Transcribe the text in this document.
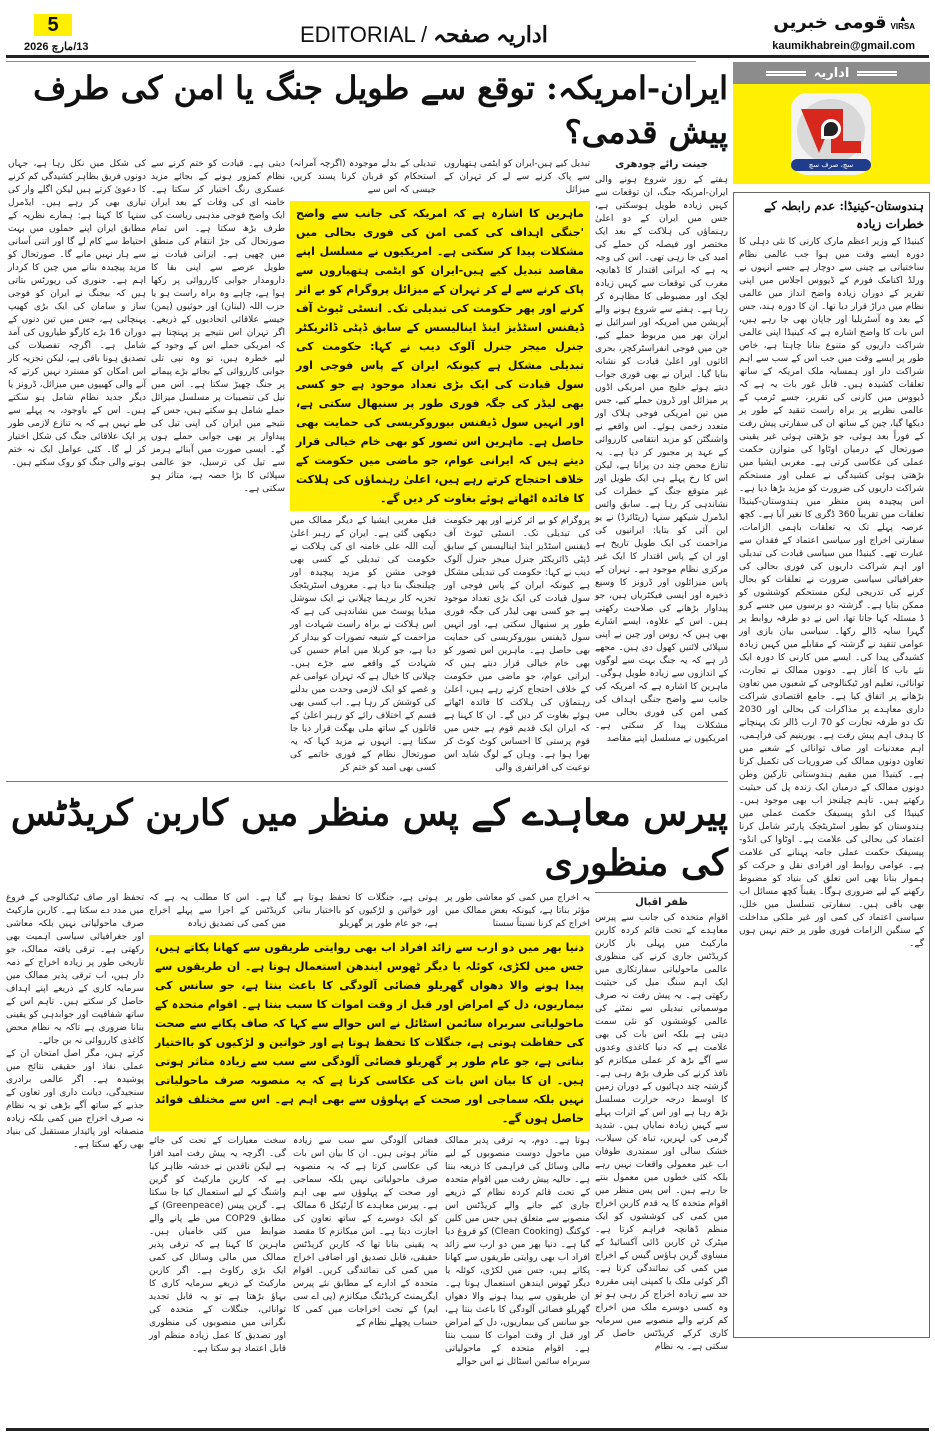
5
13/مارچ 2026	EDITORIAL / اداریہ صفحہ	قومی خبریں ▲
VIRSA
kaumikhabrein@gmail.com
ایران-امریکہ: توقع سے طویل جنگ یا امن کی طرف پیش قدمی؟
جینت رائے چودھری
ہفتے کے روز شروع ہونے والی ایران-امریکہ جنگ، ان توقعات سے کہیں زیادہ طویل ہوسکتی ہے، جس میں ایران کے دو اعلیٰ رہنماؤں کی ہلاکت کے بعد ایک مختصر اور فیصلہ کن حملے کی امید کی جا رہی تھی۔ اس کی وجہ یہ ہے کہ ایرانی اقتدار کا ڈھانچہ مغرب کی توقعات سے کہیں زیادہ لچک اور مضبوطی کا مظاہرہ کر رہا ہے۔ ہفتے سے شروع ہونے والے آپریشن میں امریکہ اور اسرائیل نے ایران بھر میں مربوط حملے کیے، جن میں فوجی انفراسٹرکچر، بحری اثاثوں اور اعلیٰ قیادت کو نشانہ بنایا گیا۔ ایران نے بھی فوری جواب دیتے ہوئے خلیج میں امریکی اڈوں پر میزائل اور ڈرون حملے کیے، جس میں تین امریکی فوجی ہلاک اور متعدد زخمی ہوئے۔ اس واقعے نے واشنگٹن کو مزید انتقامی کارروائی کے عہد پر مجبور کر دیا ہے۔ یہ تنازع محض چند دن پرانا ہے، لیکن اس کا رخ پہلے ہی ایک طویل اور غیر متوقع جنگ کے خطرات کی نشاندہی کر رہا ہے۔ سابق وائس ایڈمرل شیکھر سنہا (ریٹائرڈ) نے یو این آئی کو بتایا: ایرانیوں کی مزاحمت کی ایک طویل تاریخ ہے اور ان کے پاس اقتدار کا ایک غیر مرکزی نظام موجود ہے۔ تہران کے پاس میزائلوں اور ڈرونز کا وسیع ذخیرہ اور ایسی فیکٹریاں ہیں، جو پیداوار بڑھانے کی صلاحیت رکھتی ہیں۔ اس کے علاوہ، ایسے اشارے بھی ہیں کہ روس اور چین نے اپنی سپلائی لائنیں کھول دی ہیں۔ مجھے ڈر ہے کہ یہ جنگ بہت سے لوگوں کے اندازوں سے زیادہ طویل ہوگی۔ ماہرین کا اشارہ ہے کہ امریکہ کی جانب سے واضح جنگی اہداف کی کمی امن کی فوری بحالی میں مشکلات پیدا کر سکتی ہے۔ امریکیوں نے مسلسل اپنے مقاصد
تبدیل کیے ہیں-ایران کو ایٹمی ہتھیاروں سے پاک کرنے سے لے کر تہران کے میزائل
تبدیلی کے بدلے موجودہ (اگرچہ آمرانہ) استحکام کو قربان کرنا پسند کریں، جیسی کہ اس سے
ماہرین کا اشارہ ہے کہ امریکہ کی جانب سے واضح 'جنگی اہداف کی کمی امن کی فوری بحالی میں مشکلات پیدا کر سکتی ہے۔ امریکیوں نے مسلسل اپنے مقاصد تبدیل کیے ہیں-ایران کو ایٹمی ہتھیاروں سے پاک کرنے سے لے کر تہران کے میزائل پروگرام کو بے اثر کرنے اور پھر حکومت کی تبدیلی تک۔ انسٹی ٹیوٹ آف ڈیفنس اسٹڈیز اینڈ اینالیسس کے سابق ڈپٹی ڈائریکٹر جنرل میجر جنرل آلوک دیب نے کہا: حکومت کی تبدیلی مشکل ہے کیونکہ ایران کے پاس فوجی اور سول قیادت کی ایک بڑی تعداد موجود ہے جو کسی بھی لیڈر کی جگہ فوری طور پر سنبھال سکتی ہے، اور انہیں سول ڈیفنس بیوروکریسی کی حمایت بھی حاصل ہے۔ ماہرین اس تصور کو بھی خام خیالی قرار دیتے ہیں کہ ایرانی عوام، جو ماضی میں حکومت کے خلاف احتجاج کرتے رہے ہیں، اعلیٰ رہنماؤں کی ہلاکت کا فائدہ اٹھاتے ہوئے بغاوت کر دیں گے۔
پروگرام کو بے اثر کرنے اور پھر حکومت کی تبدیلی تک۔ انسٹی ٹیوٹ آف ڈیفنس اسٹڈیز اینڈ اینالیسس کے سابق ڈپٹی ڈائریکٹر جنرل میجر جنرل آلوک دیب نے کہا: حکومت کی تبدیلی مشکل ہے کیونکہ ایران کے پاس فوجی اور سول قیادت کی ایک بڑی تعداد موجود ہے جو کسی بھی لیڈر کی جگہ فوری طور پر سنبھال سکتی ہے، اور انہیں سول ڈیفنس بیوروکریسی کی حمایت بھی حاصل ہے۔ ماہرین اس تصور کو بھی خام خیالی قرار دیتے ہیں کہ ایرانی عوام، جو ماضی میں حکومت کے خلاف احتجاج کرتے رہے ہیں، اعلیٰ رہنماؤں کی ہلاکت کا فائدہ اٹھاتے ہوئے بغاوت کر دیں گے۔ ان کا کہنا ہے کہ ایران ایک قدیم قوم ہے جس میں قوم پرستی کا احساس کوٹ کوٹ کر بھرا ہوا ہے۔ وہاں کے لوگ شاید اس نوعیت کی افراتفری والی
قبل مغربی ایشیا کے دیگر ممالک میں دیکھی گئی ہے۔ ایران کے رہبر اعلیٰ آیت اللہ علی خامنہ ای کی ہلاکت نے حکومت کی تبدیلی کے کسی بھی فوجی مشن کو مزید پیچیدہ اور چیلنجنگ بنا دیا ہے۔ معروف اسٹریٹجک تجزیہ کار برہما چیلانی نے ایک سوشل میڈیا پوسٹ میں نشاندہی کی ہے کہ اس ہلاکت نے براہ راست شہادت اور مزاحمت کے شیعہ تصورات کو بیدار کر دیا ہے، جو کربلا میں امام حسین کی شہادت کے واقعے سے جڑے ہیں۔ چیلانی کا خیال ہے کہ تہران عوامی غم و غصے کو ایک لازمی وحدت میں بدلنے کی کوشش کر رہا ہے۔ اب کسی بھی قسم کے اختلاف رائے کو رہبر اعلیٰ کے قاتلوں کے ساتھ ملی بھگت قرار دیا جا سکتا ہے۔ انہوں نے مزید کہا کہ یہ صورتحال نظام کے فوری خاتمے کی کسی بھی امید کو ختم کر
دیتی ہے۔ قیادت کو ختم کرنے سے نظام کمزور ہونے کے بجائے مزید عسکری رنگ اختیار کر سکتا ہے۔ خامنہ ای کی وفات کے بعد ایران ایک واضح فوجی مذہبی ریاست کی طرف بڑھ سکتا ہے۔ اس تمام صورتحال کی جڑ انتقام کی منطق میں چھپی ہے۔ ایرانی قیادت نے طویل عرصے سے اپنی بقا کا دارومدار جوابی کارروائی پر رکھا ہوا ہے، چاہے وہ براہ راست ہو یا حزب اللہ (لبنان) اور حوثیوں (یمن) جیسے علاقائی اتحادیوں کے ذریعے۔ اگر تہران اس نتیجے پر پہنچتا ہے کہ امریکی حملے اس کے وجود کے لیے خطرہ ہیں، تو وہ نپی تلی جوابی کارروائی کے بجائے بڑے پیمانے پر جنگ چھیڑ سکتا ہے۔ اس میں تیل کی تنصیبات پر مسلسل میزائل حملے شامل ہو سکتے ہیں، جس کے نتیجے میں ایران کی اپنی تیل کی پیداوار پر بھی جوابی حملے ہوں گے۔ ایسی صورت میں آبنائے ہرمز سے تیل کی ترسیل، جو عالمی سپلائی کا بڑا حصہ ہے، متاثر ہو سکتی ہے۔
کی شکل میں نکل رہا ہے، جہاں دونوں فریق بظاہر کشیدگی کم کرنے کا دعویٰ کرتے ہیں لیکن اگلے وار کی تیاری بھی کر رہے ہیں۔ ایڈمرل سنہا کا کہنا ہے: ہمارے نظریہ کے مطابق ایران اپنے حملوں میں بہت احتیاط سے کام لے گا اور اتنی آسانی سے ہار نہیں مانے گا۔ صورتحال کو مزید پیچیدہ بنانے میں چین کا کردار اہم ہے۔ جنوری کی رپورٹس بتاتی ہیں کہ بیجنگ نے ایران کو فوجی ساز و سامان کی ایک بڑی کھیپ پہنچائی ہے، جس میں تین دنوں کے دوران 16 بڑے کارگو طیاروں کی آمد شامل ہے۔ اگرچہ تفصیلات کی تصدیق ہونا باقی ہے، لیکن تجزیہ کار اس امکان کو مسترد نہیں کرتے کہ آنے والی کھیپوں میں میزائل، ڈرونز یا دیگر جدید نظام شامل ہو سکتے ہیں۔ اس کے باوجود، یہ پہلے سے طے نہیں ہے کہ یہ تنازع لازمی طور پر ایک علاقائی جنگ کی شکل اختیار کر لے گا۔ کئی عوامل ایک نہ ختم ہونے والی جنگ کو روک سکتے ہیں۔
پیرس معاہدے کے پس منظر میں کاربن کریڈٹس کی منظوری
ظفر اقبال
اقوام متحدہ کی جانب سے پیرس معاہدے کے تحت قائم کردہ کاربن مارکیٹ میں پہلی بار کاربن کریڈٹس جاری کرنے کی منظوری عالمی ماحولیاتی سفارتکاری میں ایک اہم سنگ میل کی حیثیت رکھتی ہے۔ یہ پیش رفت نہ صرف موسمیاتی تبدیلی سے نمٹنے کی عالمی کوششوں کو نئی سمت دیتی ہے بلکہ اس بات کی بھی علامت ہے کہ دنیا کاغذی وعدوں سے آگے بڑھ کر عملی میکانزم کو نافذ کرنے کی طرف بڑھ رہی ہے۔ گزشتہ چند دہائیوں کے دوران زمین کا اوسط درجہ حرارت مسلسل بڑھ رہا ہے اور اس کے اثرات پہلے سے کہیں زیادہ نمایاں ہیں۔ شدید گرمی کی لہریں، تباہ کن سیلاب، خشک سالی اور سمندری طوفان اب غیر معمولی واقعات نہیں رہے بلکہ کئی خطوں میں معمول بنتے جا رہے ہیں۔ اس پس منظر میں اقوام متحدہ کا یہ قدم کاربن اخراج میں کمی کی کوششوں کو ایک منظم ڈھانچہ فراہم کرتا ہے۔ میٹرک ٹن کاربن ڈائی آکسائیڈ کے مساوی گرین ہاؤس گیس کے اخراج میں کمی کی نمائندگی کرتا ہے۔ اگر کوئی ملک یا کمپنی اپنی مقررہ حد سے زیادہ اخراج کر رہی ہو تو وہ کسی دوسرے ملک میں اخراج کم کرنے والے منصوبے میں سرمایہ کاری کرکے کریڈٹس حاصل کر سکتی ہے۔ یہ نظام
یہ اخراج میں کمی کو معاشی طور پر مؤثر بناتا ہے، کیونکہ بعض ممالک میں اخراج کم کرنا نسبتاً سستا
ہوتی ہے، جنگلات کا تحفظ ہوتا ہے اور خواتین و لڑکیوں کو بااختیار بناتی ہے، جو عام طور پر گھریلو
گیا ہے۔ اس کا مطلب یہ ہے کہ کریڈٹس کے اجرا سے پہلے اخراج میں کمی کی تصدیق زیادہ
دنیا بھر میں دو ارب سے زائد افراد اب بھی روایتی طریقوں سے کھانا پکاتے ہیں، جس میں لکڑی، کوئلہ یا دیگر ٹھوس ایندھن استعمال ہوتا ہے۔ ان طریقوں سے پیدا ہونے والا دھواں گھریلو فضائی آلودگی کا باعث بنتا ہے، جو سانس کی بیماریوں، دل کے امراض اور قبل از وقت اموات کا سبب بنتا ہے۔ اقوام متحدہ کے ماحولیاتی سربراہ سائمن اسٹائل نے اس حوالے سے کہا کہ صاف پکانے سے صحت کی حفاظت ہوتی ہے، جنگلات کا تحفظ ہوتا ہے اور خواتین و لڑکیوں کو بااختیار بناتی ہے، جو عام طور پر گھریلو فضائی آلودگی سے سب سے زیادہ متاثر ہوتی ہیں۔ ان کا بیان اس بات کی عکاسی کرتا ہے کہ یہ منصوبہ صرف ماحولیاتی نہیں بلکہ سماجی اور صحت کے پہلوؤں سے بھی اہم ہے۔ اس سے مختلف فوائد حاصل ہوں گے۔
ہوتا ہے۔ دوم، یہ ترقی پذیر ممالک میں ماحول دوست منصوبوں کے لیے مالی وسائل کی فراہمی کا ذریعہ بنتا ہے۔ حالیہ پیش رفت میں اقوام متحدہ کے تحت قائم کردہ نظام کے ذریعے جاری کیے جانے والے کریڈٹس اس منصوبے سے متعلق ہیں جس میں کلین کوکنگ (Clean Cooking) کو فروغ دیا گیا ہے۔ دنیا بھر میں دو ارب سے زائد افراد اب بھی روایتی طریقوں سے کھانا پکاتے ہیں، جس میں لکڑی، کوئلہ یا دیگر ٹھوس ایندھن استعمال ہوتا ہے۔ ان طریقوں سے پیدا ہونے والا دھواں گھریلو فضائی آلودگی کا باعث بنتا ہے، جو سانس کی بیماریوں، دل کے امراض اور قبل از وقت اموات کا سبب بنتا ہے۔ اقوام متحدہ کے ماحولیاتی سربراہ سائمن اسٹائل نے اس حوالے
فضائی آلودگی سے سب سے زیادہ متاثر ہوتی ہیں۔ ان کا بیان اس بات کی عکاسی کرتا ہے کہ یہ منصوبہ صرف ماحولیاتی نہیں بلکہ سماجی اور صحت کے پہلوؤں سے بھی اہم ہے۔ پیرس معاہدے کا آرٹیکل 6 ممالک کو ایک دوسرے کے ساتھ تعاون کی اجازت دیتا ہے۔ اس میکانزم کا مقصد یہ یقینی بنانا تھا کہ کاربن کریڈٹس حقیقی، قابل تصدیق اور اضافی اخراج میں کمی کی نمائندگی کریں۔ اقوام متحدہ کے ادارے کے مطابق نئے پیرس ایگریمنٹ کریڈٹنگ میکانزم (پی اے سی ایم) کے تحت اخراجات میں کمی کا حساب پچھلے نظام کے
سخت معیارات کے تحت کی جائے گی۔ اگرچہ یہ پیش رفت امید افزا ہے لیکن ناقدین نے خدشہ ظاہر کیا ہے کہ کاربن مارکیٹ کو گرین واشنگ کے لیے استعمال کیا جا سکتا ہے۔ گرین پیس (Greenpeace) کے مطابق COP29 میں طے پانے والے ضوابط میں کئی خامیاں ہیں۔ ماہرین کا کہنا ہے کہ ترقی پذیر ممالک میں مالی وسائل کی کمی ایک بڑی رکاوٹ ہے۔ اگر کاربن مارکیٹ کے ذریعے سرمایہ کاری کا بہاؤ بڑھتا ہے تو یہ قابل تجدید توانائی، جنگلات کے متحدہ کی نگرانی میں منصوبوں کی منظوری اور تصدیق کا عمل زیادہ منظم اور قابل اعتماد ہو سکتا ہے۔
تحفظ اور صاف ٹیکنالوجی کے فروغ میں مدد دے سکتا ہے۔ کاربن مارکیٹ صرف ماحولیاتی نہیں بلکہ معاشی اور جغرافیائی سیاسی اہمیت بھی رکھتی ہے۔ ترقی یافتہ ممالک، جو تاریخی طور پر زیادہ اخراج کے ذمہ دار ہیں، اب ترقی پذیر ممالک میں سرمایہ کاری کے ذریعے اپنے اہداف حاصل کر سکتے ہیں۔ تاہم اس کے ساتھ شفافیت اور جوابدہی کو یقینی بنانا ضروری ہے تاکہ یہ نظام محض کاغذی کارروائی نہ بن جائے۔
کرتے ہیں، مگر اصل امتحان ان کے عملی نفاذ اور حقیقی نتائج میں پوشیدہ ہے۔ اگر عالمی برادری سنجیدگی، دیانت داری اور تعاون کے جذبے کے ساتھ آگے بڑھی تو یہ نظام نہ صرف اخراج میں کمی بلکہ زیادہ منصفانہ اور پائیدار مستقبل کی بنیاد بھی رکھ سکتا ہے۔
اداریہ
سچ، صرف سچ
ہندوستان-کینیڈا: عدم رابطہ کے خطرات زیادہ
کینیڈا کے وزیر اعظم مارک کارنی کا نئی دہلی کا دورہ ایسے وقت میں ہوا جب عالمی نظام ساختیاتی بے چینی سے دوچار ہے جسے انہوں نے ورلڈ اکنامک فورم کے ڈیووس اجلاس میں اپنی تقریر کے دوران زیادہ واضح انداز میں عالمی نظام میں دراڑ قرار دیا تھا۔ ان کا دورہ ہند، جس کے بعد وہ آسٹریلیا اور جاپان بھی جا رہے ہیں، اس بات کا واضح اشارہ ہے کہ کینیڈا اپنی عالمی شراکت داریوں کو متنوع بنانا چاہتا ہے، خاص طور پر ایسے وقت میں جب اس کے سب سے اہم شراکت دار اور ہمسایہ ملک امریکہ کے ساتھ تعلقات کشیدہ ہیں۔ قابل غور بات یہ ہے کہ ڈیووس میں کارنی کی تقریر، جسے ٹرمپ کے عالمی نظریے پر براہ راست تنقید کے طور پر دیکھا گیا، چین کے ساتھ ان کی سفارتی پیش رفت کے فوراً بعد ہوئی، جو بڑھتی ہوئی غیر یقینی صورتحال کے درمیان اوٹاوا کی متوازن حکمت عملی کی عکاسی کرتی ہے۔ مغربی ایشیا میں بڑھتی ہوئی کشیدگی نے عملی اور مستحکم شراکت داریوں کی ضرورت کو مزید بڑھا دیا ہے۔ اس پیچیدہ پس منظر میں ہندوستان-کینیڈا تعلقات میں تقریباً 360 ڈگری کا تغیر آیا ہے۔ کچھ عرصہ پہلے تک یہ تعلقات باہمی الزامات، سفارتی اخراج اور سیاسی اعتماد کے فقدان سے عبارت تھے۔ کینیڈا میں سیاسی قیادت کی تبدیلی اور اہم شراکت داریوں کی فوری بحالی کی جغرافیائی سیاسی ضرورت نے تعلقات کو بحال کرنے کی تدریجی لیکن مستحکم کوششوں کو ممکن بنایا ہے۔ گزشتہ دو برسوں میں جسے کرو ڈ مسئلہ کہا جاتا تھا، اس نے دو طرفہ روابط پر گہرا سایہ ڈالے رکھا۔ سیاسی بیان بازی اور عوامی تنقید نے گزشتہ کے مقابلے میں کہیں زیادہ کشیدگی پیدا کی۔ ایسے میں کارنی کا دورہ ایک نئے باب کا آغاز ہے۔ دونوں ممالک نے تجارت، توانائی، تعلیم اور ٹیکنالوجی کے شعبوں میں تعاون بڑھانے پر اتفاق کیا ہے۔ جامع اقتصادی شراکت داری معاہدے پر مذاکرات کی بحالی اور 2030 تک دو طرفہ تجارت کو 70 ارب ڈالر تک پہنچانے کا ہدف اہم پیش رفت ہے۔ یورینیم کی فراہمی، اہم معدنیات اور صاف توانائی کے شعبے میں تعاون دونوں ممالک کی ضروریات کی تکمیل کرتا ہے۔ کینیڈا میں مقیم ہندوستانی تارکین وطن دونوں ممالک کے درمیان ایک زندہ پل کی حیثیت رکھتے ہیں۔ تاہم چیلنجز اب بھی موجود ہیں۔ کینیڈا کی انڈو پیسیفک حکمت عملی میں ہندوستان کو بطور اسٹریٹجک پارٹنر شامل کرنا اعتماد کی بحالی کی علامت ہے۔ اوٹاوا کی انڈو-پیسیفک حکمت عملی جامہ پہنانے کی علامت ہے۔ عوامی روابط اور افرادی نقل و حرکت کو ہموار بنانا بھی اس تعلق کی بنیاد کو مضبوط رکھنے کے لیے ضروری ہوگا۔ یقیناً کچھ مسائل اب بھی باقی ہیں۔ سفارتی تسلسل میں خلل، سیاسی اعتماد کی کمی اور غیر ملکی مداخلت کے سنگین الزامات فوری طور پر ختم نہیں ہوں گے۔
